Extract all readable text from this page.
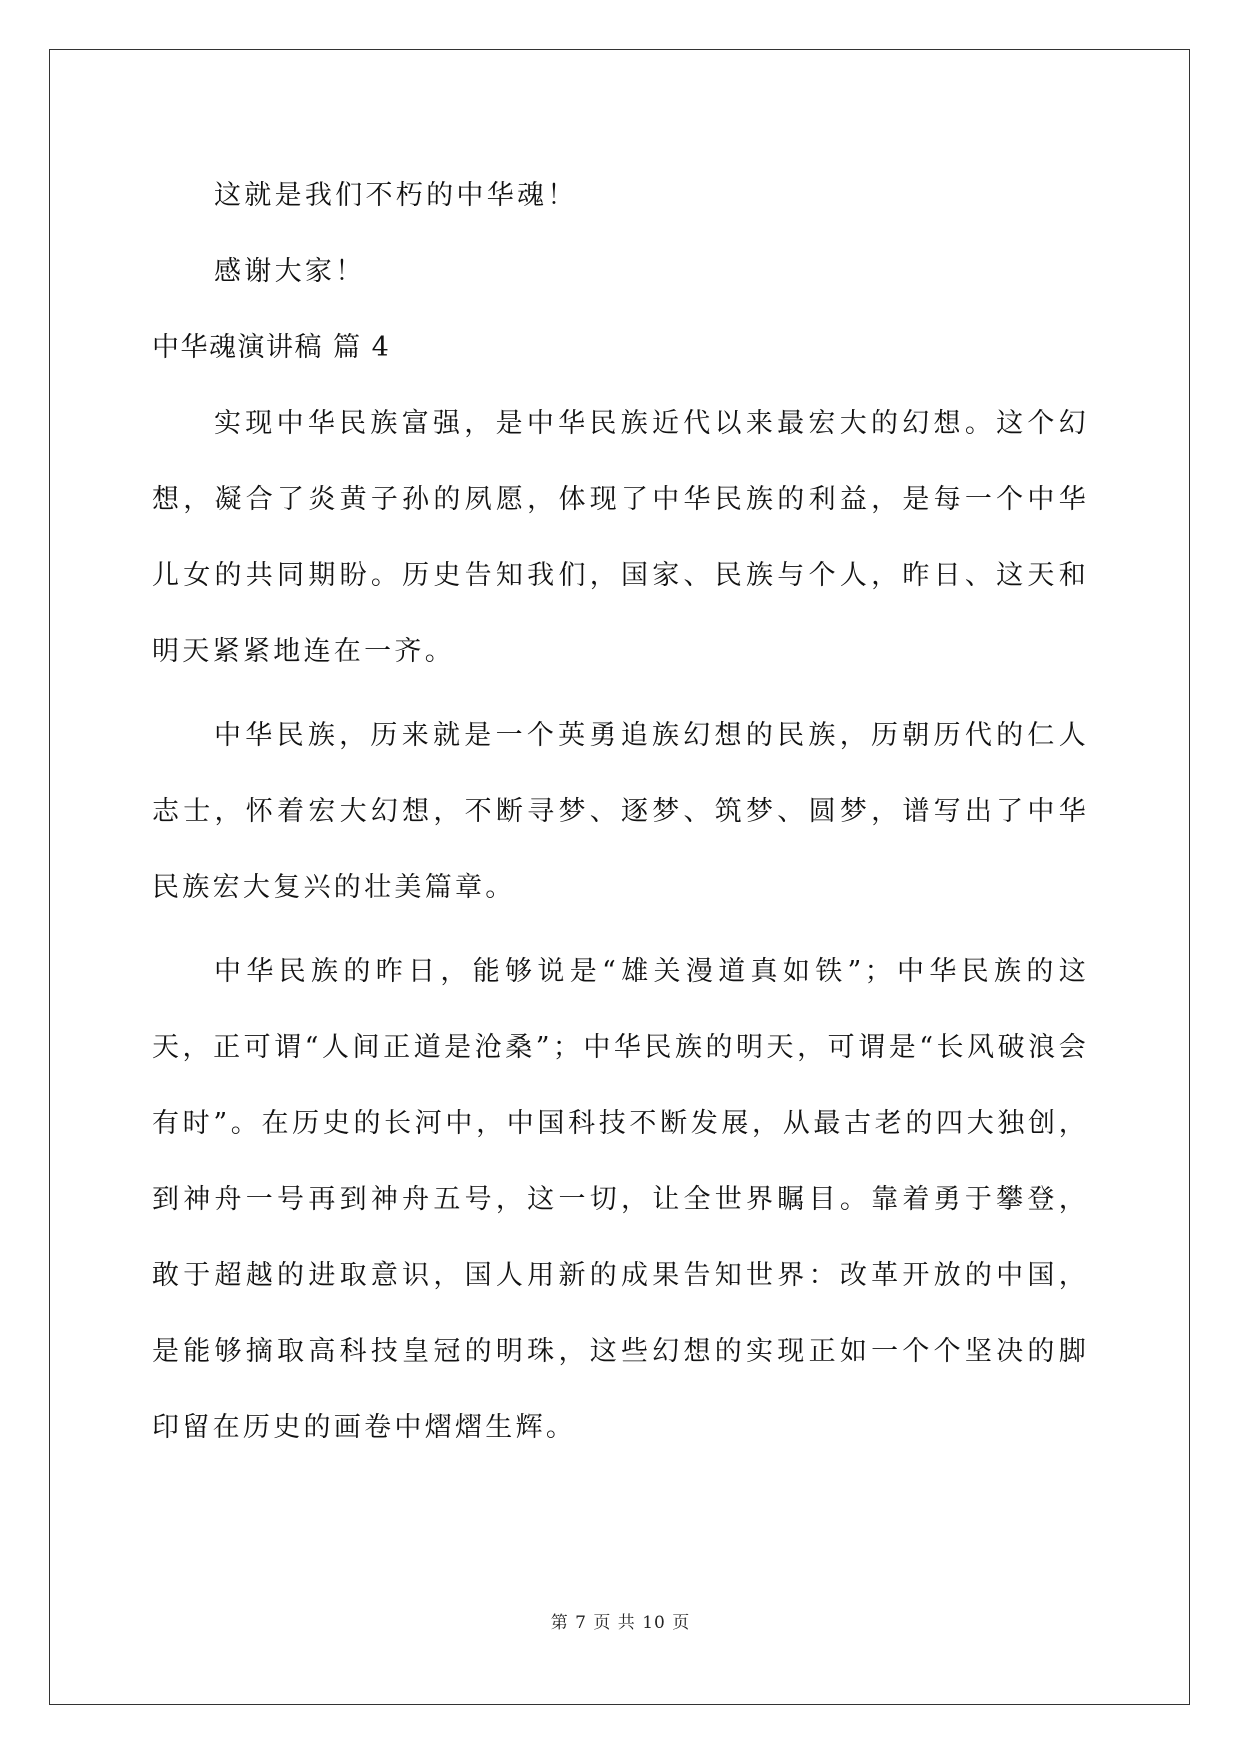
这就是我们不朽的中华魂！

感谢大家！

中华魂演讲稿 篇 4

实现中华民族富强，是中华民族近代以来最宏大的幻想。这个幻想，凝合了炎黄子孙的夙愿，体现了中华民族的利益，是每一个中华儿女的共同期盼。历史告知我们，国家、民族与个人，昨日、这天和明天紧紧地连在一齐。

中华民族，历来就是一个英勇追族幻想的民族，历朝历代的仁人志士，怀着宏大幻想，不断寻梦、逐梦、筑梦、圆梦，谱写出了中华民族宏大复兴的壮美篇章。

中华民族的昨日，能够说是“雄关漫道真如铁”；中华民族的这天，正可谓“人间正道是沧桑”；中华民族的明天，可谓是“长风破浪会有时”。在历史的长河中，中国科技不断发展，从最古老的四大独创，到神舟一号再到神舟五号，这一切，让全世界瞩目。靠着勇于攀登，敢于超越的进取意识，国人用新的成果告知世界：改革开放的中国，是能够摘取高科技皇冠的明珠，这些幻想的实现正如一个个坚决的脚印留在历史的画卷中熠熠生辉。

第 7 页 共 10 页
